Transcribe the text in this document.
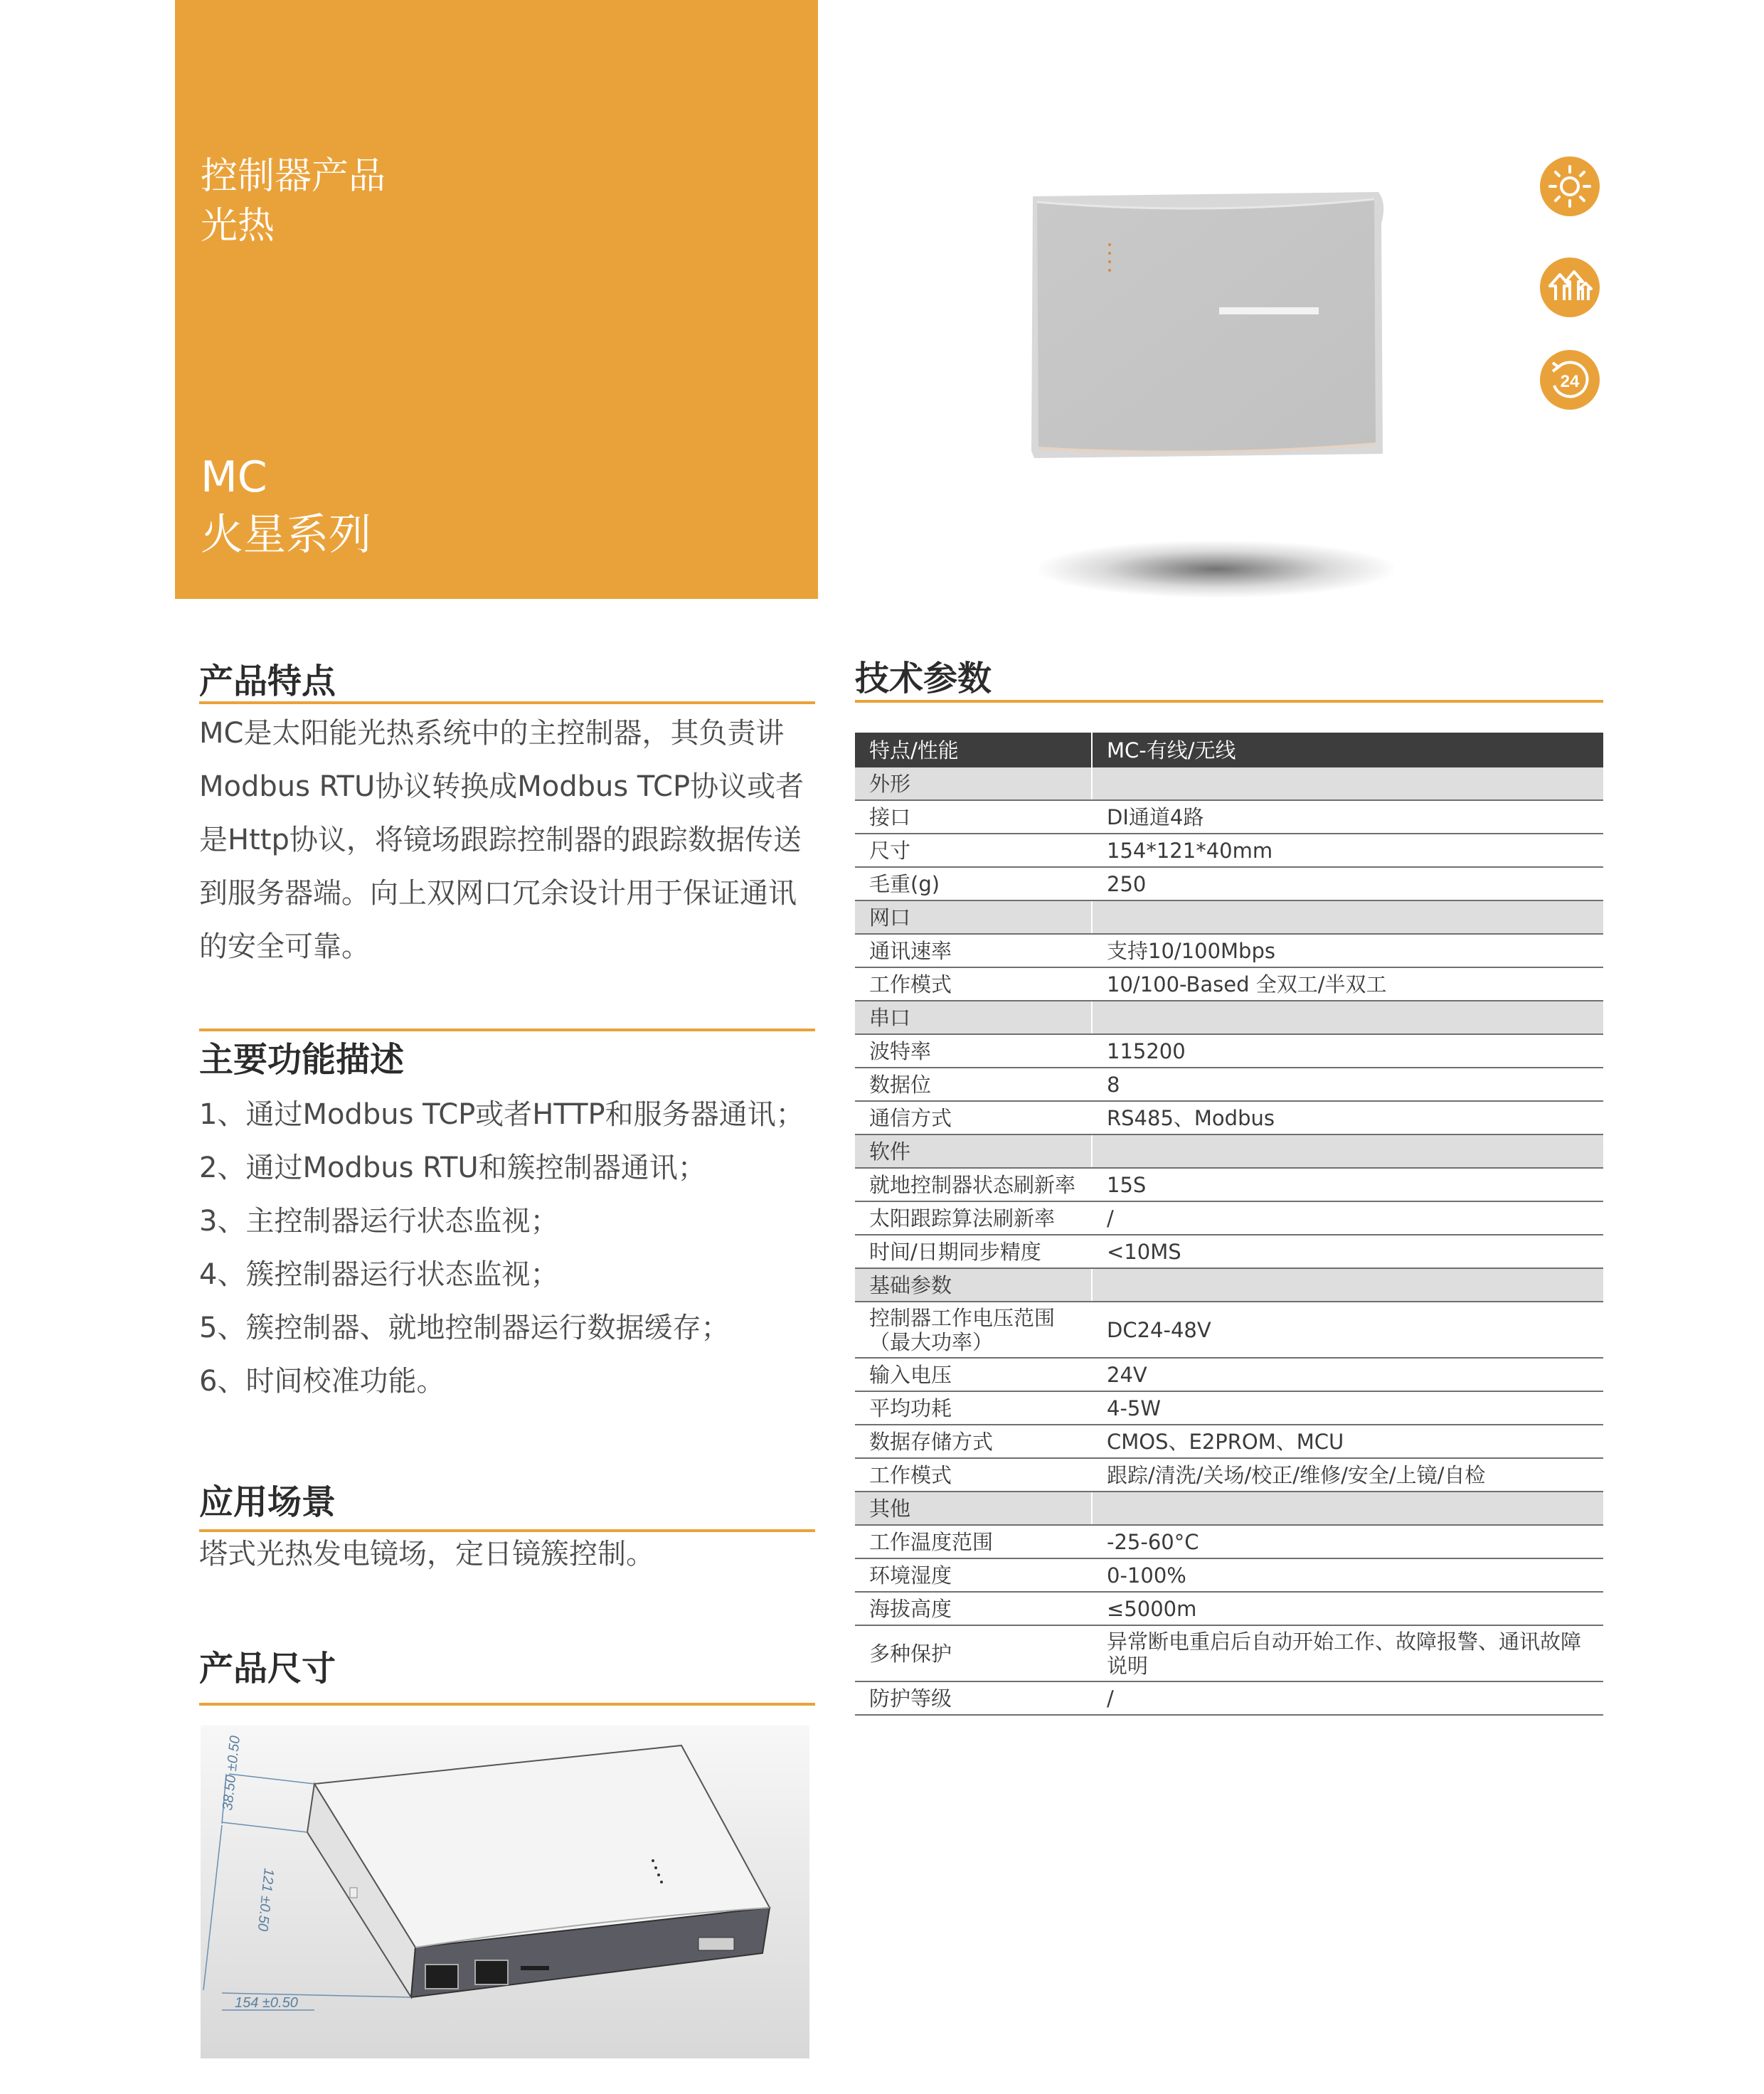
控制器产品
光热
MC
火星系列
24
产品特点
MC是太阳能光热系统中的主控制器，其负责讲
Modbus RTU协议转换成Modbus TCP协议或者
是Http协议，将镜场跟踪控制器的跟踪数据传送
到服务器端。向上双网口冗余设计用于保证通讯
的安全可靠。
主要功能描述
1、通过Modbus TCP或者HTTP和服务器通讯；
2、通过Modbus RTU和簇控制器通讯；
3、主控制器运行状态监视；
4、簇控制器运行状态监视；
5、簇控制器、就地控制器运行数据缓存；
6、时间校准功能。
应用场景
塔式光热发电镜场，定日镜簇控制。
产品尺寸
38.50 ±0.50
121 ±0.50
154 ±0.50
技术参数
特点/性能	MC-有线/无线
外形	

接口	DI通道4路

尺寸	154*121*40mm

毛重(g)	250

网口	

通讯速率	支持10/100Mbps

工作模式	10/100-Based 全双工/半双工

串口	

波特率	115200

数据位	8

通信方式	RS485、Modbus

软件	

就地控制器状态刷新率	15S

太阳跟踪算法刷新率	/

时间/日期同步精度	<10MS

基础参数	

控制器工作电压范围
（最大功率）	DC24-48V

输入电压	24V

平均功耗	4-5W

数据存储方式	CMOS、E2PROM、MCU

工作模式	跟踪/清洗/关场/校正/维修/安全/上镜/自检

其他	

工作温度范围	-25-60°C

环境湿度	0-100%

海拔高度	≤5000m

多种保护	异常断电重启后自动开始工作、故障报警、通讯故障
说明

防护等级	/
